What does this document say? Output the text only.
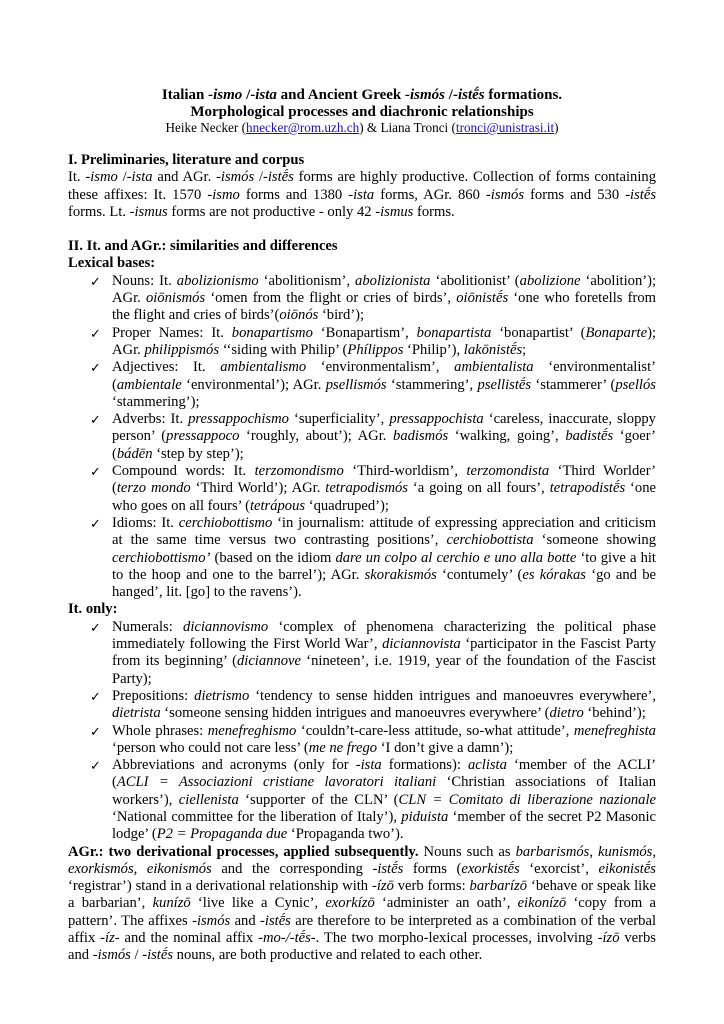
Italian -ismo /-ista and Ancient Greek -ismós /-istḗs formations.

Morphological processes and diachronic relationships

Heike Necker (hnecker@rom.uzh.ch) & Liana Tronci (tronci@unistrasi.it)

I. Preliminaries, literature and corpus

It. -ismo /-ista and AGr. -ismós /-istḗs forms are highly productive. Collection of forms containing these affixes: It. 1570 -ismo forms and 1380 -ista forms, AGr. 860 -ismós forms and 530 -istḗs forms. Lt. -ismus forms are not productive - only 42 -ismus forms.

II. It. and AGr.: similarities and differences

Lexical bases:

✓ Nouns: It. abolizionismo ‘abolitionism’, abolizionista ‘abolitionist’ (abolizione ‘abolition’); AGr. oiōnismós ‘omen from the flight or cries of birds’, oiōnistḗs ‘one who foretells from the flight and cries of birds’(oiōnós ‘bird’);

✓ Proper Names: It. bonapartismo ‘Bonapartism’, bonapartista ‘bonapartist’ (Bonaparte); AGr. philippismós ‘‘siding with Philip’ (Phílippos ‘Philip’), lakōnistḗs;

✓ Adjectives: It. ambientalismo ‘environmentalism’, ambientalista ‘environmentalist’ (ambientale ‘environmental’); AGr. psellismós ‘stammering’, psellistḗs ‘stammerer’ (psellós ‘stammering’);

✓ Adverbs: It. pressappochismo ‘superficiality’, pressappochista ‘careless, inaccurate, sloppy person’ (pressappoco ‘roughly, about’); AGr. badismós ‘walking, going’, badistḗs ‘goer’ (bádēn ‘step by step’);

✓ Compound words: It. terzomondismo ‘Third-worldism’, terzomondista ‘Third Worlder’ (terzo mondo ‘Third World’); AGr. tetrapodismós ‘a going on all fours’, tetrapodistḗs ‘one who goes on all fours’ (tetrápous ‘quadruped’);

✓ Idioms: It. cerchiobottismo ‘in journalism: attitude of expressing appreciation and criticism at the same time versus two contrasting positions’, cerchiobottista ‘someone showing cerchiobottismo’ (based on the idiom dare un colpo al cerchio e uno alla botte ‘to give a hit to the hoop and one to the barrel’); AGr. skorakismós ‘contumely’ (es kórakas ‘go and be hanged’, lit. [go] to the ravens’).

It. only:

✓ Numerals: diciannovismo ‘complex of phenomena characterizing the political phase immediately following the First World War’, diciannovista ‘participator in the Fascist Party from its beginning’ (diciannove ‘nineteen’, i.e. 1919, year of the foundation of the Fascist Party);

✓ Prepositions: dietrismo ‘tendency to sense hidden intrigues and manoeuvres everywhere’, dietrista ‘someone sensing hidden intrigues and manoeuvres everywhere’ (dietro ‘behind’);

✓ Whole phrases: menefreghismo ‘couldn’t-care-less attitude, so-what attitude’, menefreghista ‘person who could not care less’ (me ne frego ‘I don’t give a damn’);

✓ Abbreviations and acronyms (only for -ista formations): aclista ‘member of the ACLI’ (ACLI = Associazioni cristiane lavoratori italiani ‘Christian associations of Italian workers’), ciellenista ‘supporter of the CLN’ (CLN = Comitato di liberazione nazionale ‘National committee for the liberation of Italy’), piduista ‘member of the secret P2 Masonic lodge’ (P2 = Propaganda due ‘Propaganda two’).

AGr.: two derivational processes, applied subsequently. Nouns such as barbarismós, kunismós, exorkismós, eikonismós and the corresponding -istḗs forms (exorkistḗs ‘exorcist’, eikonistḗs ‘registrar’) stand in a derivational relationship with -ízō verb forms: barbarízō ‘behave or speak like a barbarian’, kunízō ‘live like a Cynic’, exorkízō ‘administer an oath’, eikonízō ‘copy from a pattern’. The affixes -ismós and -istḗs are therefore to be interpreted as a combination of the verbal affix -íz- and the nominal affix -mo-/-tḗs-. The two morpho-lexical processes, involving -ízō verbs and -ismós / -istḗs nouns, are both productive and related to each other.
